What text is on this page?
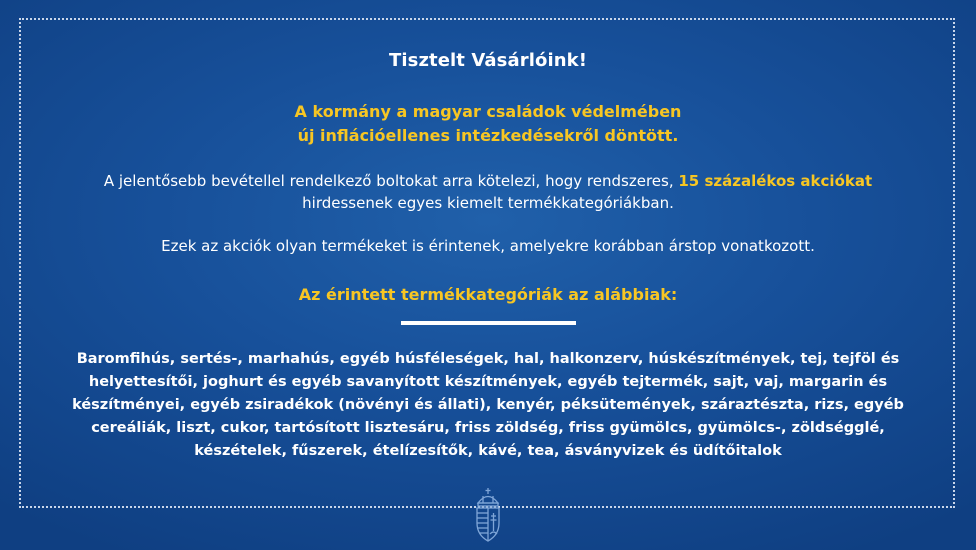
Tisztelt Vásárlóink!
A kormány a magyar családok védelmében
új inflációellenes intézkedésekről döntött.
A jelentősebb bevétellel rendelkező boltokat arra kötelezi, hogy rendszeres, 15 százalékos akciókat
hirdessenek egyes kiemelt termékkategóriákban.
Ezek az akciók olyan termékeket is érintenek, amelyekre korábban árstop vonatkozott.
Az érintett termékkategóriák az alábbiak:
Baromfihús, sertés-, marhahús, egyéb húsféleségek, hal, halkonzerv, húskészítmények, tej, tejföl és
helyettesítői, joghurt és egyéb savanyított készítmények, egyéb tejtermék, sajt, vaj, margarin és
készítményei, egyéb zsiradékok (növényi és állati), kenyér, péksütemények, száraztészta, rizs, egyéb
cereáliák, liszt, cukor, tartósított lisztesáru, friss zöldség, friss gyümölcs, gyümölcs-, zöldségglé,
készételek, fűszerek, ételízesítők, kávé, tea, ásványvizek és üdítőitalok
